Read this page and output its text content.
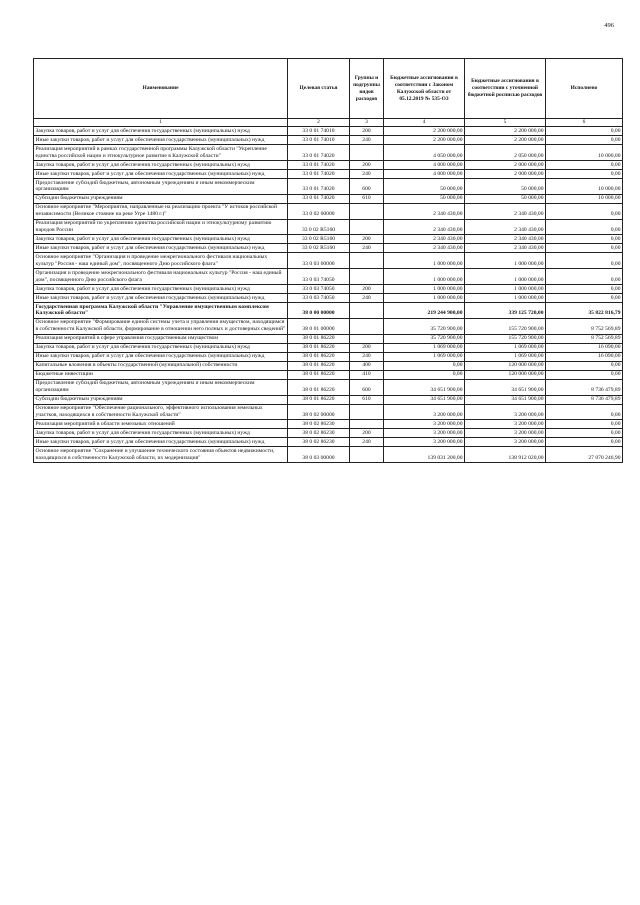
496
Наименование	Целевая статья	Группы и подгруппы видов расходов	Бюджетные ассигнования в соответствии с Законом Калужской области от 05.12.2019 № 535-ОЗ	Бюджетные ассигнования в соответствии с уточненной бюджетной росписью расходов	Исполнено
1	2	3	4	5	6
Закупка товаров, работ и услуг для обеспечения государственных (муниципальных) нужд	33 0 01 74010	200	2 200 000,00	2 200 000,00	0,00
Иные закупки товаров, работ и услуг для обеспечения государственных (муниципальных) нужд	33 0 01 74010	240	2 200 000,00	2 200 000,00	0,00
Реализация мероприятий в рамках государственной программы Калужской области "Укрепление единства российской нации и этнокультурное развитие в Калужской области"	33 0 01 74020		4 050 000,00	2 050 000,00	10 000,00
Закупка товаров, работ и услуг для обеспечения государственных (муниципальных) нужд	33 0 01 74020	200	4 000 000,00	2 000 000,00	0,00
Иные закупки товаров, работ и услуг для обеспечения государственных (муниципальных) нужд	33 0 01 74020	240	4 000 000,00	2 000 000,00	0,00
Предоставление субсидий бюджетным, автономным учреждениям и иным некоммерческим организациям	33 0 01 74020	600	50 000,00	50 000,00	10 000,00
Субсидии бюджетным учреждениям	33 0 01 74020	610	50 000,00	50 000,00	10 000,00
Основное мероприятие "Мероприятия, направленные на реализацию проекта "У истоков российской независимости (Великое стояние на реке Угре 1480 г.)"	33 0 02 00000		2 340 430,00	2 340 430,00	0,00
Реализация мероприятий по укреплению единства российской нации и этнокультурному развитию народов России	33 0 02 R5160		2 340 430,00	2 340 430,00	0,00
Закупка товаров, работ и услуг для обеспечения государственных (муниципальных) нужд	33 0 02 R5160	200	2 340 430,00	2 340 430,00	0,00
Иные закупки товаров, работ и услуг для обеспечения государственных (муниципальных) нужд	33 0 02 R5160	240	2 340 430,00	2 340 430,00	0,00
Основное мероприятие "Организация и проведение межрегионального фестиваля национальных культур "Россия - наш единый дом", посвященного Дню российского флага"	33 0 03 00000		1 000 000,00	1 000 000,00	0,00
Организация и проведение межрегионального фестиваля национальных культур "Россия - наш единый дом", посвященного Дню российского флага	33 0 03 74050		1 000 000,00	1 000 000,00	0,00
Закупка товаров, работ и услуг для обеспечения государственных (муниципальных) нужд	33 0 03 74050	200	1 000 000,00	1 000 000,00	0,00
Иные закупки товаров, работ и услуг для обеспечения государственных (муниципальных) нужд	33 0 03 74050	240	1 000 000,00	1 000 000,00	0,00
Государственная программа Калужской области "Управление имущественным комплексом Калужской области"	38 0 00 00000		219 244 900,00	339 125 720,00	35 822 816,79
Основное мероприятие "Формирование единой системы учета и управления имуществом, находящимся в собственности Калужской области, формирование в отношении него полных и достоверных сведений"	38 0 01 00000		35 720 900,00	155 720 900,00	8 752 569,89
Реализация мероприятий в сфере управления государственным имуществом	38 0 01 86220		35 720 900,00	155 720 900,00	8 752 569,89
Закупка товаров, работ и услуг для обеспечения государственных (муниципальных) нужд	38 0 01 86220	200	1 069 000,00	1 069 000,00	16 090,00
Иные закупки товаров, работ и услуг для обеспечения государственных (муниципальных) нужд	38 0 01 86220	240	1 069 000,00	1 069 000,00	16 090,00
Капитальные вложения в объекты государственной (муниципальной) собственности	38 0 01 86220	400	0,00	120 000 000,00	0,00
Бюджетные инвестиции	38 0 01 86220	410	0,00	120 000 000,00	0,00
Предоставление субсидий бюджетным, автономным учреждениям и иным некоммерческим организациям	38 0 01 86220	600	34 651 900,00	34 651 900,00	8 736 479,89
Субсидии бюджетным учреждениям	38 0 01 86220	610	34 651 900,00	34 651 900,00	8 736 479,89
Основное мероприятие "Обеспечение рационального, эффективного использования земельных участков, находящихся в собственности Калужской области"	38 0 02 00000		3 200 000,00	3 200 000,00	0,00
Реализация мероприятий в области земельных отношений	38 0 02 86230		3 200 000,00	3 200 000,00	0,00
Закупка товаров, работ и услуг для обеспечения государственных (муниципальных) нужд	38 0 02 86230	200	3 200 000,00	3 200 000,00	0,00
Иные закупки товаров, работ и услуг для обеспечения государственных (муниципальных) нужд	38 0 02 86230	240	3 200 000,00	3 200 000,00	0,00
Основное мероприятие "Сохранение и улучшение технического состояния объектов недвижимости, находящихся в собственности Калужской области, их модернизация"	38 0 03 00000		139 031 200,00	138 912 020,00	27 070 246,90
